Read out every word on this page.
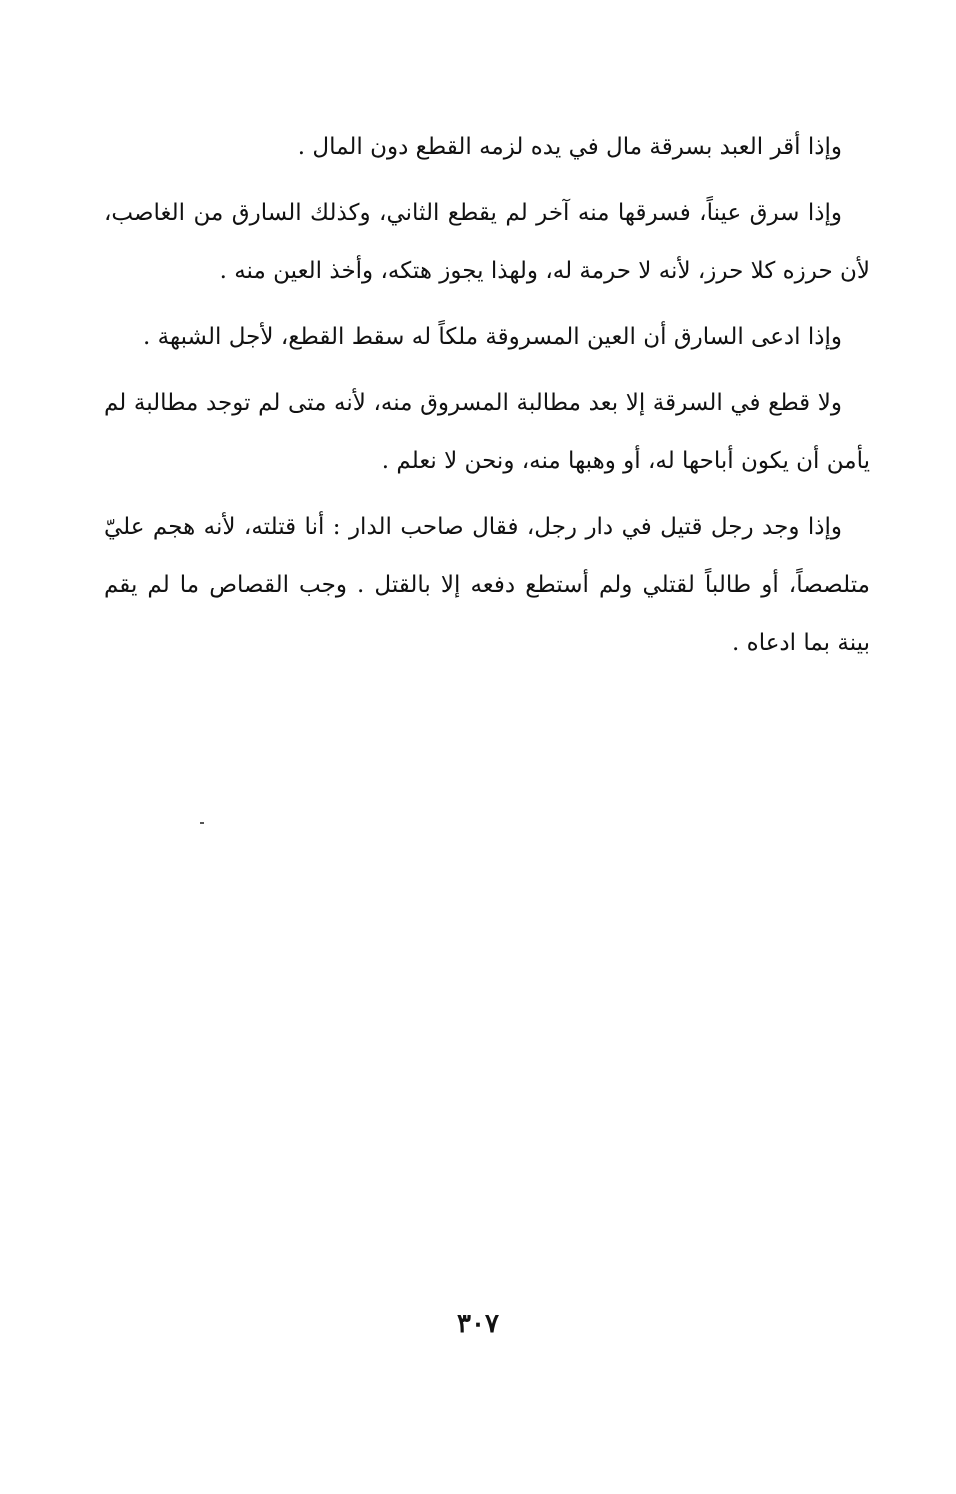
وإذا أقر العبد بسرقة مال في يده لزمه القطع دون المال .

وإذا سرق عيناً، فسرقها منه آخر لم يقطع الثاني، وكذلك السارق من الغاصب، لأن حرزه كلا حرز، لأنه لا حرمة له، ولهذا يجوز هتكه، وأخذ العين منه .

وإذا ادعى السارق أن العين المسروقة ملكاً له سقط القطع، لأجل الشبهة .

ولا قطع في السرقة إلا بعد مطالبة المسروق منه، لأنه متى لم توجد مطالبة لم يأمن أن يكون أباحها له، أو وهبها منه، ونحن لا نعلم .

وإذا وجد رجل قتيل في دار رجل، فقال صاحب الدار : أنا قتلته، لأنه هجم عليّ متلصصاً، أو طالباً لقتلي ولم أستطع دفعه إلا بالقتل . وجب القصاص ما لم يقم بينة بما ادعاه .

٣٠٧
